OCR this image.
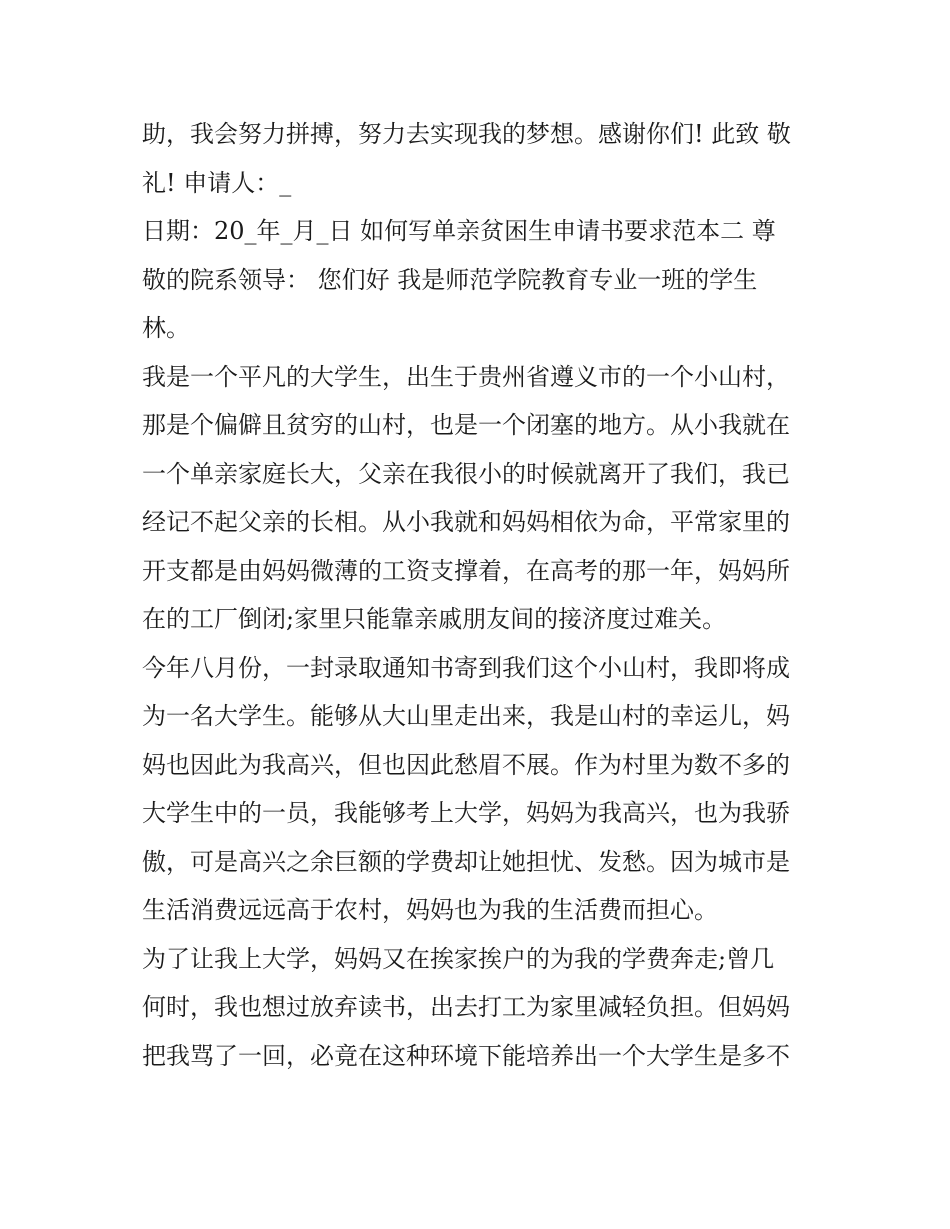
助，我会努力拼搏，努力去实现我的梦想。感谢你们! 此致 敬
礼! 申请人：_
日期：20_年_月_日 如何写单亲贫困生申请书要求范本二 尊
敬的院系领导： 您们好 我是师范学院教育专业一班的学生
林。
我是一个平凡的大学生，出生于贵州省遵义市的一个小山村，
那是个偏僻且贫穷的山村，也是一个闭塞的地方。从小我就在
一个单亲家庭长大，父亲在我很小的时候就离开了我们，我已
经记不起父亲的长相。从小我就和妈妈相依为命，平常家里的
开支都是由妈妈微薄的工资支撑着，在高考的那一年，妈妈所
在的工厂倒闭;家里只能靠亲戚朋友间的接济度过难关。
今年八月份，一封录取通知书寄到我们这个小山村，我即将成
为一名大学生。能够从大山里走出来，我是山村的幸运儿，妈
妈也因此为我高兴，但也因此愁眉不展。作为村里为数不多的
大学生中的一员，我能够考上大学，妈妈为我高兴，也为我骄
傲，可是高兴之余巨额的学费却让她担忧、发愁。因为城市是
生活消费远远高于农村，妈妈也为我的生活费而担心。
为了让我上大学，妈妈又在挨家挨户的为我的学费奔走;曾几
何时，我也想过放弃读书，出去打工为家里减轻负担。但妈妈
把我骂了一回，必竟在这种环境下能培养出一个大学生是多不
